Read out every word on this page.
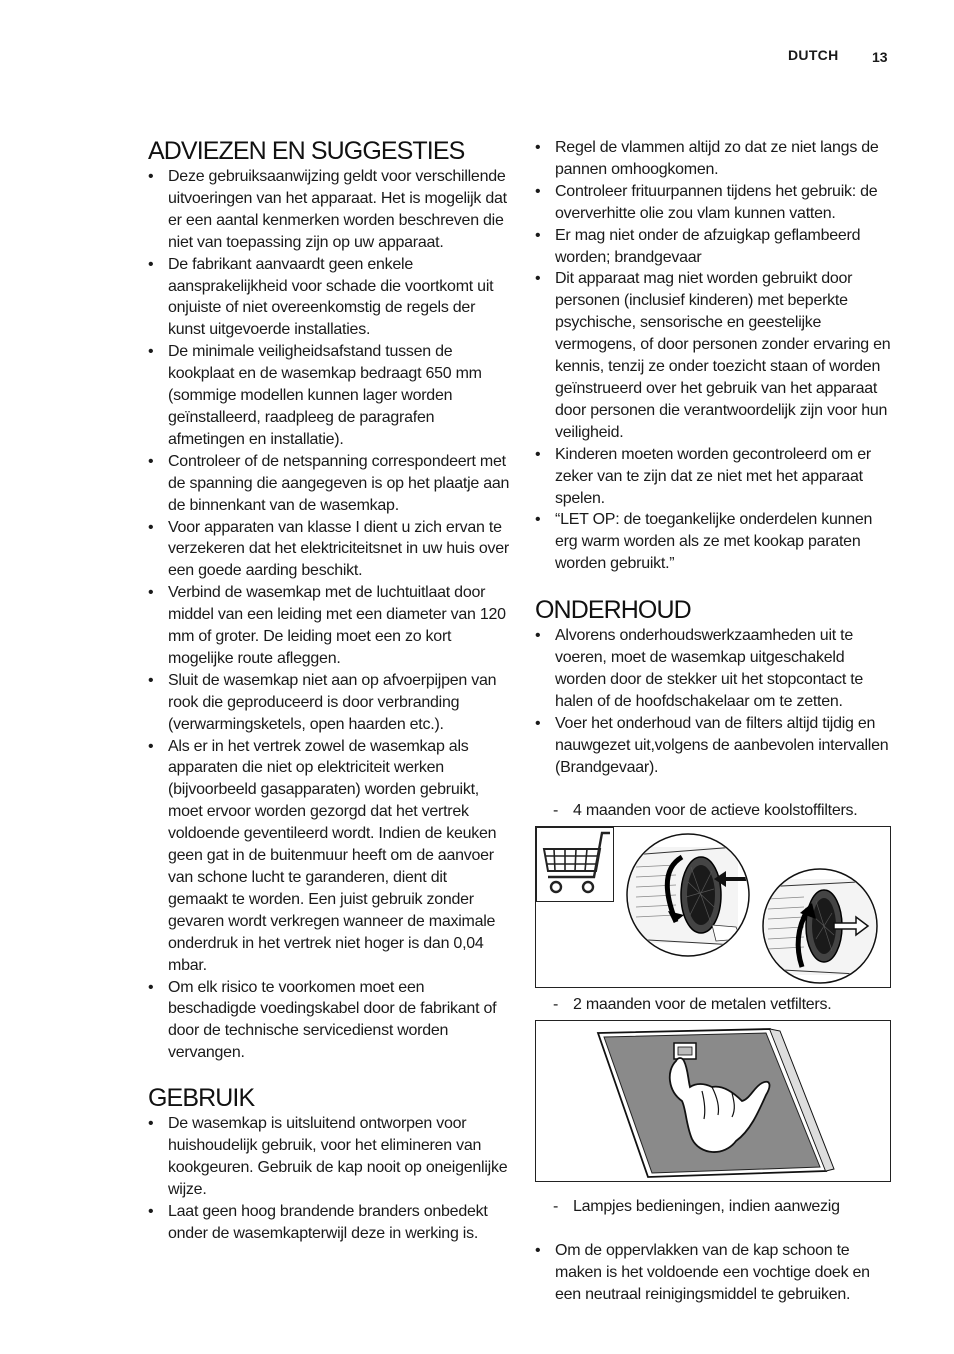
DUTCH 13
ADVIEZEN EN SUGGESTIES
• Deze gebruiksaanwijzing geldt voor verschillende uitvoeringen van het apparaat. Het is mogelijk dat er een aantal kenmerken worden beschreven die niet van toepassing zijn op uw apparaat.
• De fabrikant aanvaardt geen enkele aansprakelijkheid voor schade die voortkomt uit onjuiste of niet overeenkomstig de regels der kunst uitgevoerde installaties.
• De minimale veiligheidsafstand tussen de kookplaat en de wasemkap bedraagt 650 mm (sommige modellen kunnen lager worden geïnstalleerd, raadpleeg de paragrafen afmetingen en installatie).
• Controleer of de netspanning correspondeert met de spanning die aangegeven is op het plaatje aan de binnenkant van de wasemkap.
• Voor apparaten van klasse I dient u zich ervan te verzekeren dat het elektriciteitsnet in uw huis over een goede aarding beschikt.
• Verbind de wasemkap met de luchtuitlaat door middel van een leiding met een diameter van 120 mm of groter. De leiding moet een zo kort mogelijke route afleggen.
• Sluit de wasemkap niet aan op afvoerpijpen van rook die geproduceerd is door verbranding (verwarmingsketels, open haarden etc.).
• Als er in het vertrek zowel de wasemkap als apparaten die niet op elektriciteit werken (bijvoorbeeld gasapparaten) worden gebruikt, moet ervoor worden gezorgd dat het vertrek voldoende geventileerd wordt. Indien de keuken geen gat in de buitenmuur heeft om de aanvoer van schone lucht te garanderen, dient dit gemaakt te worden. Een juist gebruik zonder gevaren wordt verkregen wanneer de maximale onderdruk in het vertrek niet hoger is dan 0,04 mbar.
• Om elk risico te voorkomen moet een beschadigde voedingskabel door de fabrikant of door de technische servicedienst worden vervangen.
GEBRUIK
• De wasemkap is uitsluitend ontworpen voor huishoudelijk gebruik, voor het elimineren van kookgeuren. Gebruik de kap nooit op oneigenlijke wijze.
• Laat geen hoog brandende branders onbedekt onder de wasemkapterwijl deze in werking is.
• Regel de vlammen altijd zo dat ze niet langs de pannen omhoogkomen.
• Controleer frituurpannen tijdens het gebruik: de oververhitte olie zou vlam kunnen vatten.
• Er mag niet onder de afzuigkap geflambeerd worden; brandgevaar
• Dit apparaat mag niet worden gebruikt door personen (inclusief kinderen) met beperkte psychische, sensorische en geestelijke vermogens, of door personen zonder ervaring en kennis, tenzij ze onder toezicht staan of worden geïnstrueerd over het gebruik van het apparaat door personen die verantwoordelijk zijn voor hun veiligheid.
• Kinderen moeten worden gecontroleerd om er zeker van te zijn dat ze niet met het apparaat spelen.
• “LET OP: de toegankelijke onderdelen kunnen erg warm worden als ze met kookap paraten worden gebruikt.”
ONDERHOUD
• Alvorens onderhoudswerkzaamheden uit te voeren, moet de wasemkap uitgeschakeld worden door de stekker uit het stopcontact te halen of de hoofdschakelaar om te zetten.
• Voer het onderhoud van de filters altijd tijdig en nauwgezet uit,volgens de aanbevolen intervallen (Brandgevaar).
- 4 maanden voor de actieve koolstoffilters.
- 2 maanden voor de metalen vetfilters.
- Lampjes bedieningen, indien aanwezig
• Om de oppervlakken van de kap schoon te maken is het voldoende een vochtige doek en een neutraal reinigingsmiddel te gebruiken.
